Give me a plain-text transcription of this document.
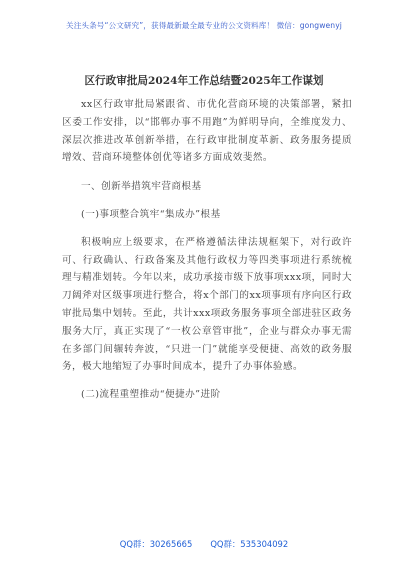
关注头条号“公文研究”，获得最新最全最专业的公文资料库！ 微信：gongwenyj
区行政审批局2024年工作总结暨2025年工作谋划

xx区行政审批局紧跟省、市优化营商环境的决策部署，紧扣区委工作安排，以“邯郸办事不用跑”为鲜明导向，全维度发力、深层次推进改革创新举措，在行政审批制度革新、政务服务提质增效、营商环境整体创优等诸多方面成效斐然。

一、创新举措筑牢营商根基

(一)事项整合筑牢“集成办”根基

积极响应上级要求，在严格遵循法律法规框架下，对行政许可、行政确认、行政备案及其他行政权力等四类事项进行系统梳理与精准划转。今年以来，成功承接市级下放事项xxx项，同时大刀阔斧对区级事项进行整合，将x个部门的xx项事项有序向区行政审批局集中划转。至此，共计xxx项政务服务事项全部进驻区政务服务大厅，真正实现了“一枚公章管审批”，企业与群众办事无需在多部门间辗转奔波，“只进一门”就能享受便捷、高效的政务服务，极大地缩短了办事时间成本，提升了办事体验感。

(二)流程重塑推动“便捷办”进阶

QQ群：30265665 QQ群：535304092
